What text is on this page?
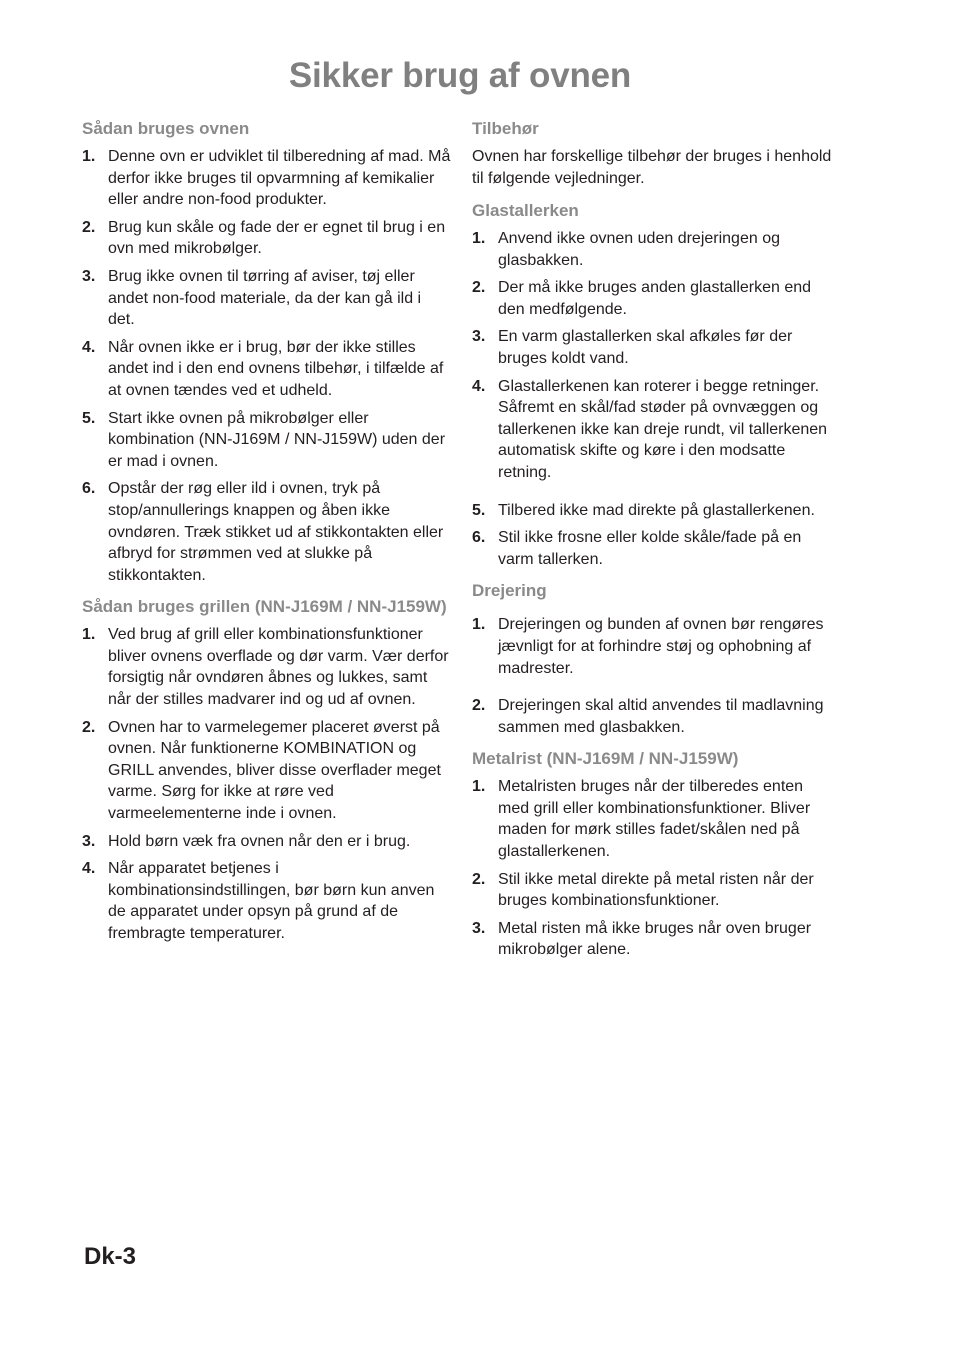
Sikker brug af ovnen
Sådan bruges ovnen
1. Denne ovn er udviklet til tilberedning af mad. Må derfor ikke bruges til opvarmning af kemikalier eller andre non-food produkter.
2. Brug kun skåle og fade der er egnet til brug i en ovn med mikrobølger.
3. Brug ikke ovnen til tørring af aviser, tøj eller andet non-food materiale, da der kan gå ild i det.
4. Når ovnen ikke er i brug, bør der ikke stilles andet ind i den end ovnens tilbehør, i tilfælde af at ovnen tændes ved et udheld.
5. Start ikke ovnen på mikrobølger eller kombination (NN-J169M / NN-J159W) uden der er mad i ovnen.
6. Opstår der røg eller ild i ovnen, tryk på stop/annullerings knappen og åben ikke ovndøren. Træk stikket ud af stikkontakten eller afbryd for strømmen ved at slukke på stikkontakten.
Sådan bruges grillen (NN-J169M / NN-J159W)
1. Ved brug af grill eller kombinationsfunktioner bliver ovnens overflade og dør varm. Vær derfor forsigtig når ovndøren åbnes og lukkes, samt når der stilles madvarer ind og ud af ovnen.
2. Ovnen har to varmelegemer placeret øverst på ovnen. Når funktionerne KOMBINATION og GRILL anvendes, bliver disse overflader meget varme. Sørg for ikke at røre ved varmeelementerne inde i ovnen.
3. Hold børn væk fra ovnen når den er i brug.
4. Når apparatet betjenes i kombinationsindstillingen, bør børn kun anven de apparatet under opsyn på grund af de frembragte temperaturer.
Tilbehør

Ovnen har forskellige tilbehør der bruges i henhold til følgende vejledninger.

Glastallerken
1. Anvend ikke ovnen uden drejeringen og glasbakken.
2. Der må ikke bruges anden glastallerken end den medfølgende.
3. En varm glastallerken skal afkøles før der bruges koldt vand.
4. Glastallerkenen kan roterer i begge retninger. Såfremt en skål/fad støder på ovnvæggen og tallerkenen ikke kan dreje rundt, vil tallerkenen automatisk skifte og køre i den modsatte retning.
5. Tilbered ikke mad direkte på glastallerkenen.
6. Stil ikke frosne eller kolde skåle/fade på en varm tallerken.
Drejering
1. Drejeringen og bunden af ovnen bør rengøres jævnligt for at forhindre støj og ophobning af madrester.
2. Drejeringen skal altid anvendes til madlavning sammen med glasbakken.
Metalrist (NN-J169M / NN-J159W)
1. Metalristen bruges når der tilberedes enten med grill eller kombinationsfunktioner. Bliver maden for mørk stilles fadet/skålen ned på glastallerkenen.
2. Stil ikke metal direkte på metal risten når der bruges kombinationsfunktioner.
3. Metal risten må ikke bruges når oven bruger mikrobølger alene.
Dk-3
